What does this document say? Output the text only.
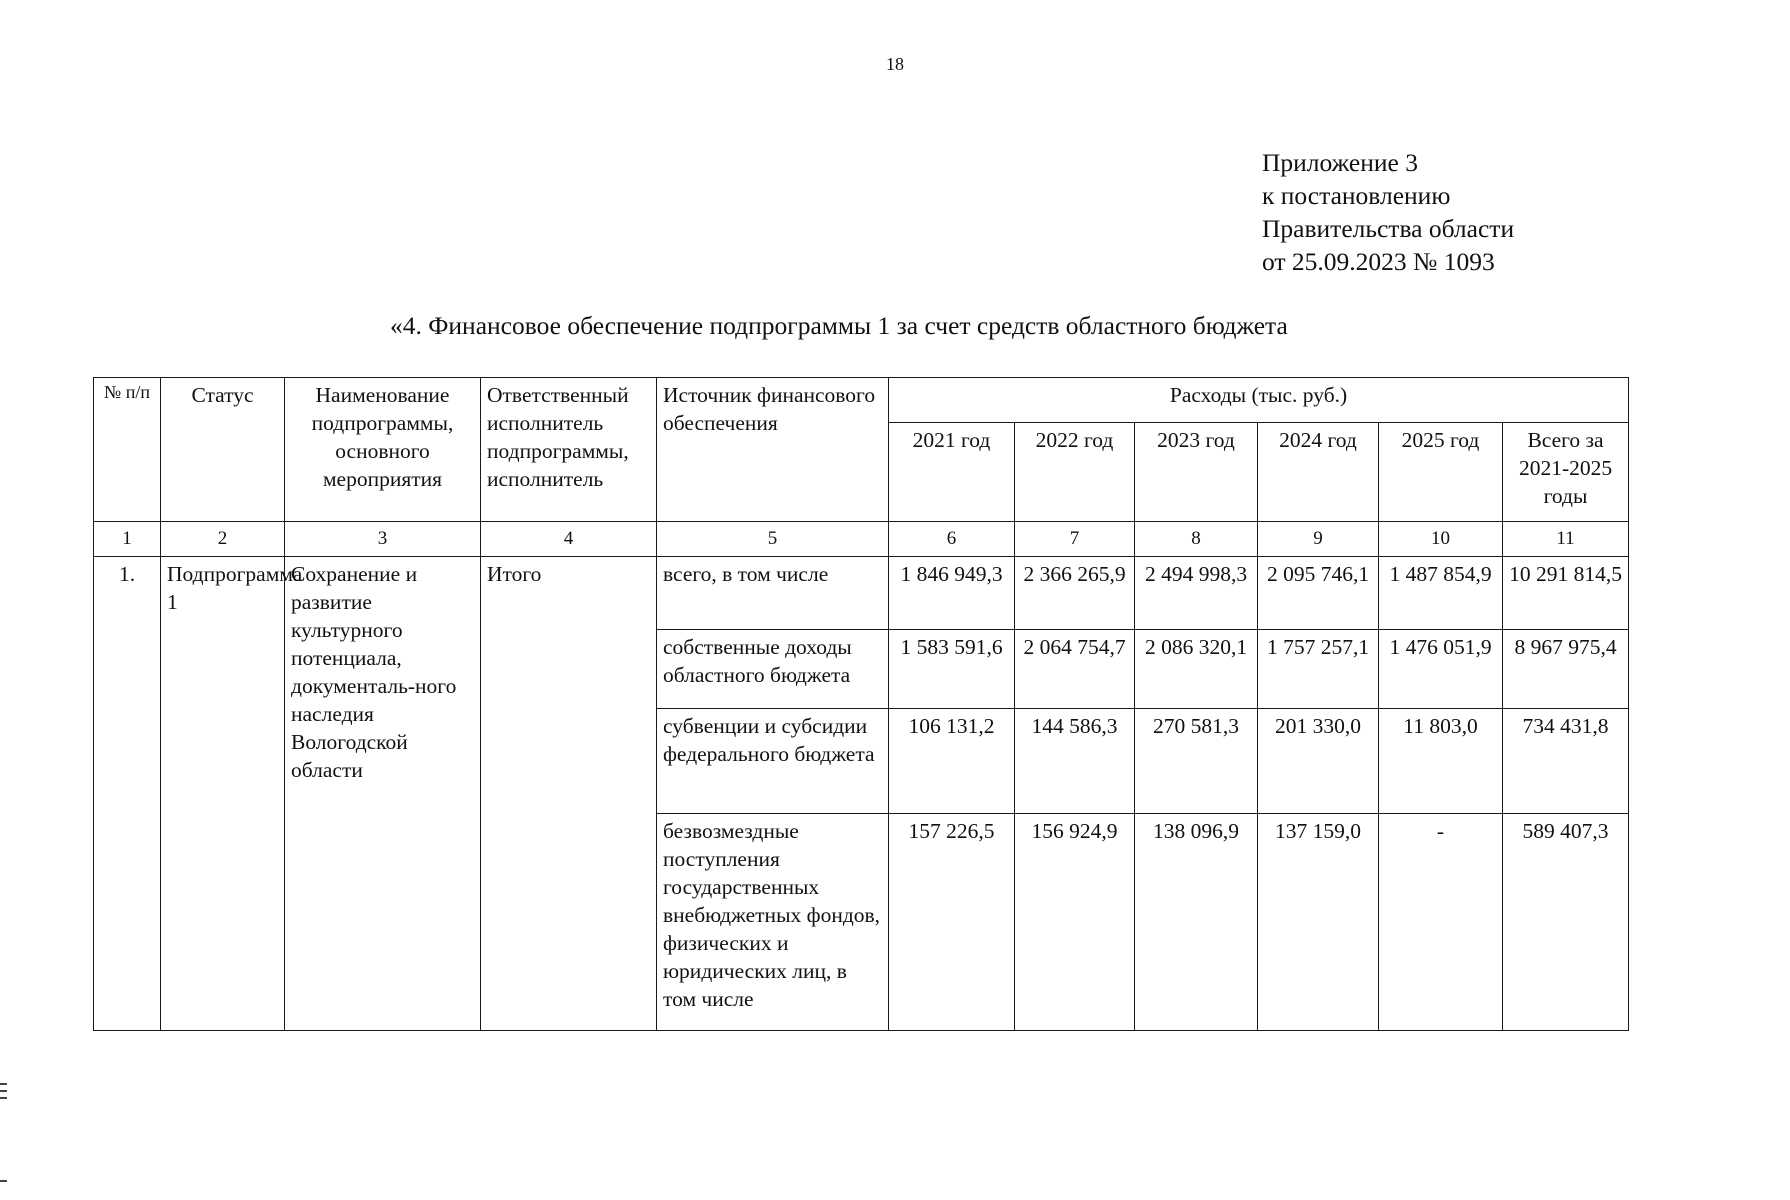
18
Приложение 3
к постановлению
Правительства области
от 25.09.2023 № 1093
«4. Финансовое обеспечение подпрограммы 1 за счет средств областного бюджета
№ п/п	Статус	Наименование подпрограммы, основного мероприятия	Ответственный исполнитель подпрограммы, исполнитель	Источник финансового обеспечения	Расходы (тыс. руб.)					
					2021 год	2022 год	2023 год	2024 год	2025 год	Всего за 2021-2025 годы
1	2	3	4	5	6	7	8	9	10	11
1.	Подпрограмма 1	Сохранение и развитие культурного потенциала, документаль-ного наследия Вологодской области	Итого	всего, в том числе	1 846 949,3	2 366 265,9	2 494 998,3	2 095 746,1	1 487 854,9	10 291 814,5
				собственные доходы областного бюджета	1 583 591,6	2 064 754,7	2 086 320,1	1 757 257,1	1 476 051,9	8 967 975,4
				субвенции и субсидии федерального бюджета	106 131,2	144 586,3	270 581,3	201 330,0	11 803,0	734 431,8
				безвозмездные поступления государственных внебюджетных фондов, физических и юридических лиц, в том числе	157 226,5	156 924,9	138 096,9	137 159,0	-	589 407,3
